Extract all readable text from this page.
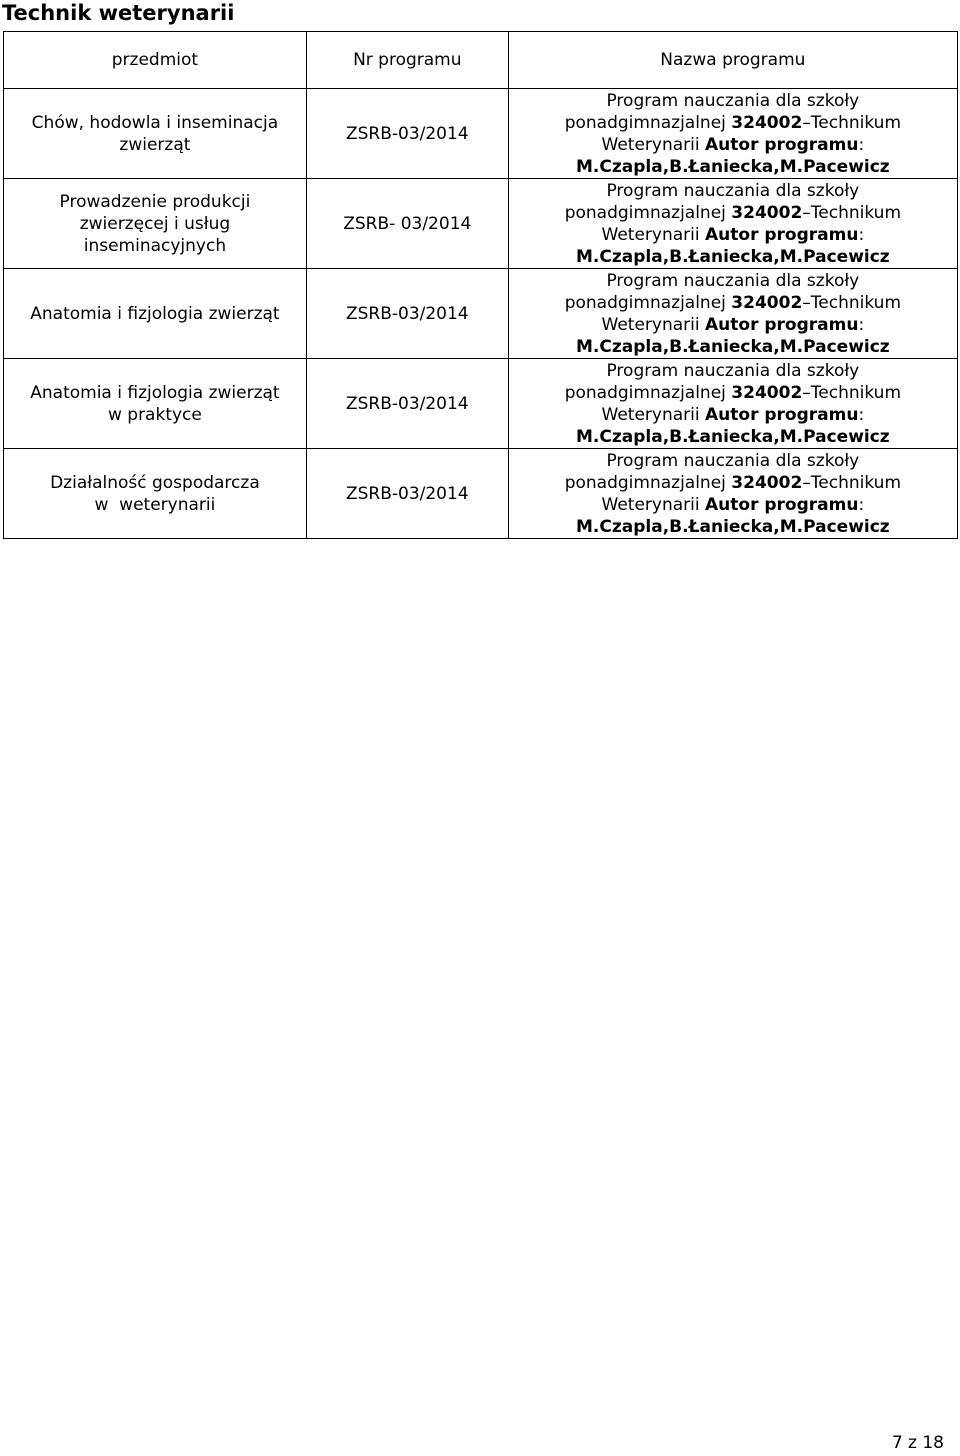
Technik weterynarii
przedmiot	Nr programu	Nazwa programu

Chów, hodowla i inseminacja
zwierząt	ZSRB-03/2014	Program nauczania dla szkoły
ponadgimnazjalnej 324002–Technikum
Weterynarii Autor programu:
M.Czapla,B.Łaniecka,M.Pacewicz

Prowadzenie produkcji
zwierzęcej i usług
inseminacyjnych	ZSRB- 03/2014	Program nauczania dla szkoły
ponadgimnazjalnej 324002–Technikum
Weterynarii Autor programu:
M.Czapla,B.Łaniecka,M.Pacewicz

Anatomia i fizjologia zwierząt	ZSRB-03/2014	Program nauczania dla szkoły
ponadgimnazjalnej 324002–Technikum
Weterynarii Autor programu:
M.Czapla,B.Łaniecka,M.Pacewicz

Anatomia i fizjologia zwierząt
w praktyce	ZSRB-03/2014	Program nauczania dla szkoły
ponadgimnazjalnej 324002–Technikum
Weterynarii Autor programu:
M.Czapla,B.Łaniecka,M.Pacewicz

Działalność gospodarcza
w  weterynarii	ZSRB-03/2014	Program nauczania dla szkoły
ponadgimnazjalnej 324002–Technikum
Weterynarii Autor programu:
M.Czapla,B.Łaniecka,M.Pacewicz
7 z 18
